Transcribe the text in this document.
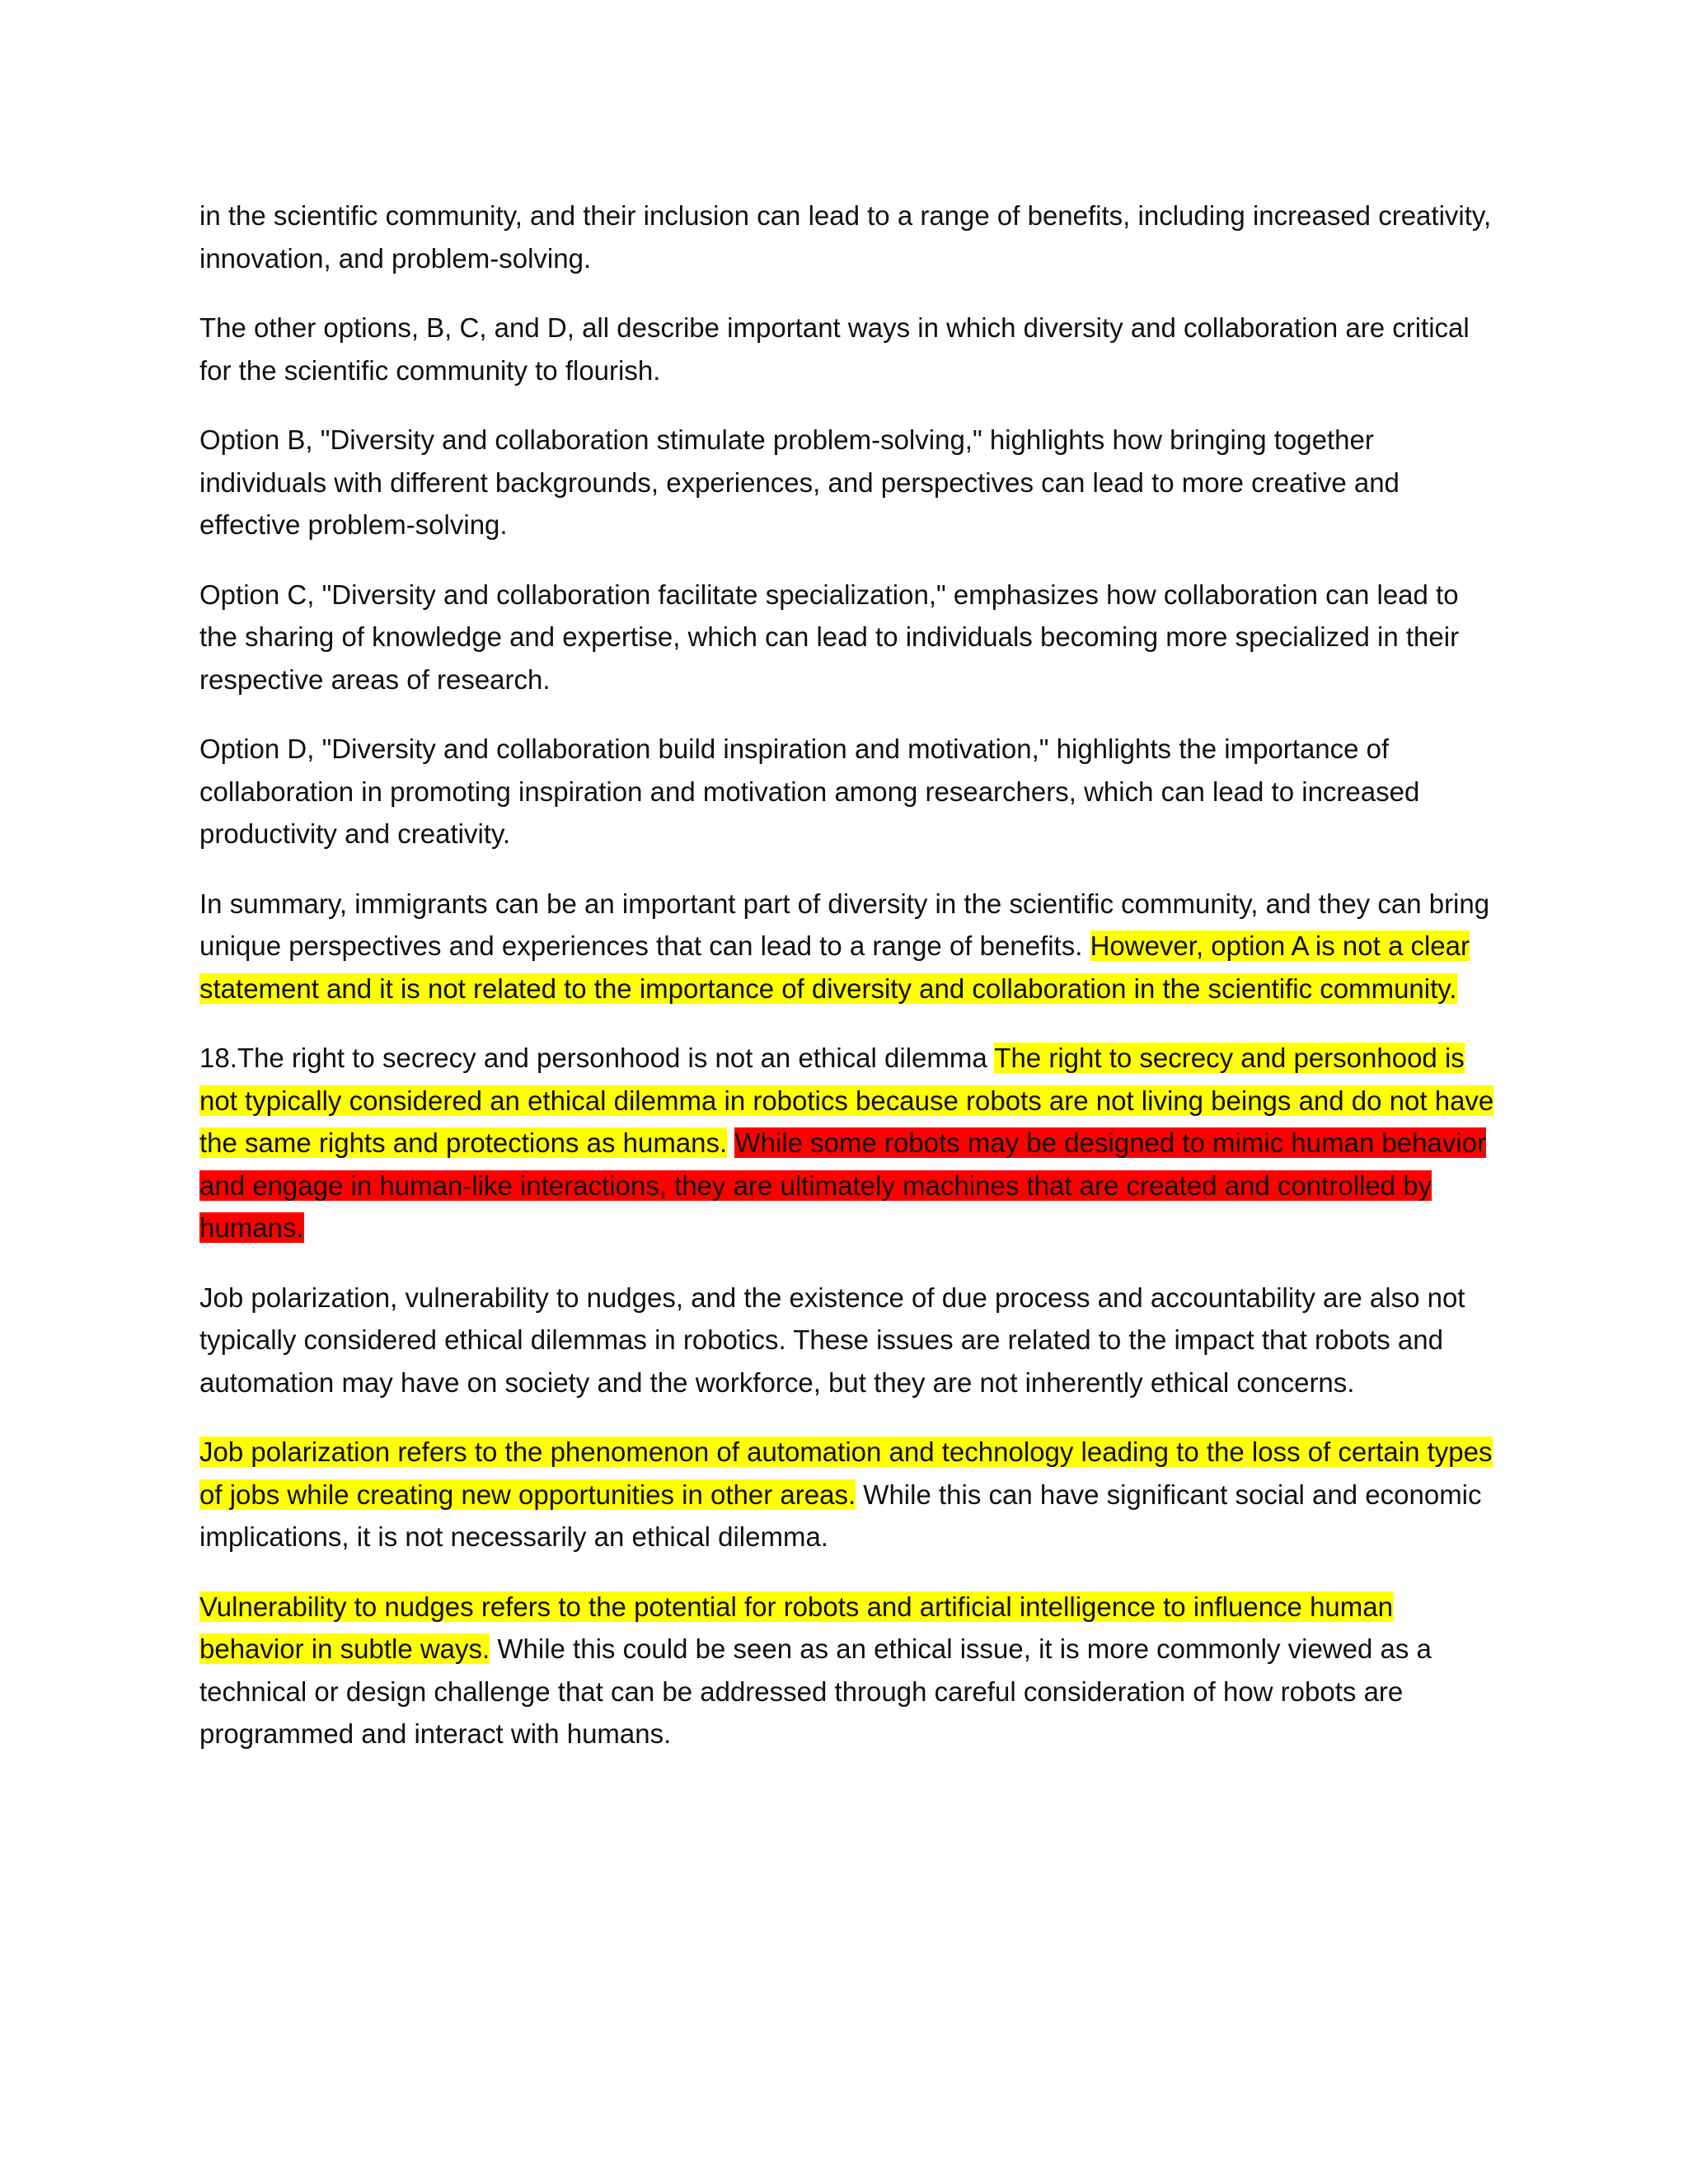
in the scientific community, and their inclusion can lead to a range of benefits, including increased creativity, innovation, and problem-solving.

The other options, B, C, and D, all describe important ways in which diversity and collaboration are critical for the scientific community to flourish.

Option B, "Diversity and collaboration stimulate problem-solving," highlights how bringing together individuals with different backgrounds, experiences, and perspectives can lead to more creative and effective problem-solving.

Option C, "Diversity and collaboration facilitate specialization," emphasizes how collaboration can lead to the sharing of knowledge and expertise, which can lead to individuals becoming more specialized in their respective areas of research.

Option D, "Diversity and collaboration build inspiration and motivation," highlights the importance of collaboration in promoting inspiration and motivation among researchers, which can lead to increased productivity and creativity.

In summary, immigrants can be an important part of diversity in the scientific community, and they can bring unique perspectives and experiences that can lead to a range of benefits. However, option A is not a clear statement and it is not related to the importance of diversity and collaboration in the scientific community.

18.The right to secrecy and personhood is not an ethical dilemma The right to secrecy and personhood is not typically considered an ethical dilemma in robotics because robots are not living beings and do not have the same rights and protections as humans. While some robots may be designed to mimic human behavior and engage in human-like interactions, they are ultimately machines that are created and controlled by humans.

Job polarization, vulnerability to nudges, and the existence of due process and accountability are also not typically considered ethical dilemmas in robotics. These issues are related to the impact that robots and automation may have on society and the workforce, but they are not inherently ethical concerns.

Job polarization refers to the phenomenon of automation and technology leading to the loss of certain types of jobs while creating new opportunities in other areas. While this can have significant social and economic implications, it is not necessarily an ethical dilemma.

Vulnerability to nudges refers to the potential for robots and artificial intelligence to influence human behavior in subtle ways. While this could be seen as an ethical issue, it is more commonly viewed as a technical or design challenge that can be addressed through careful consideration of how robots are programmed and interact with humans.
